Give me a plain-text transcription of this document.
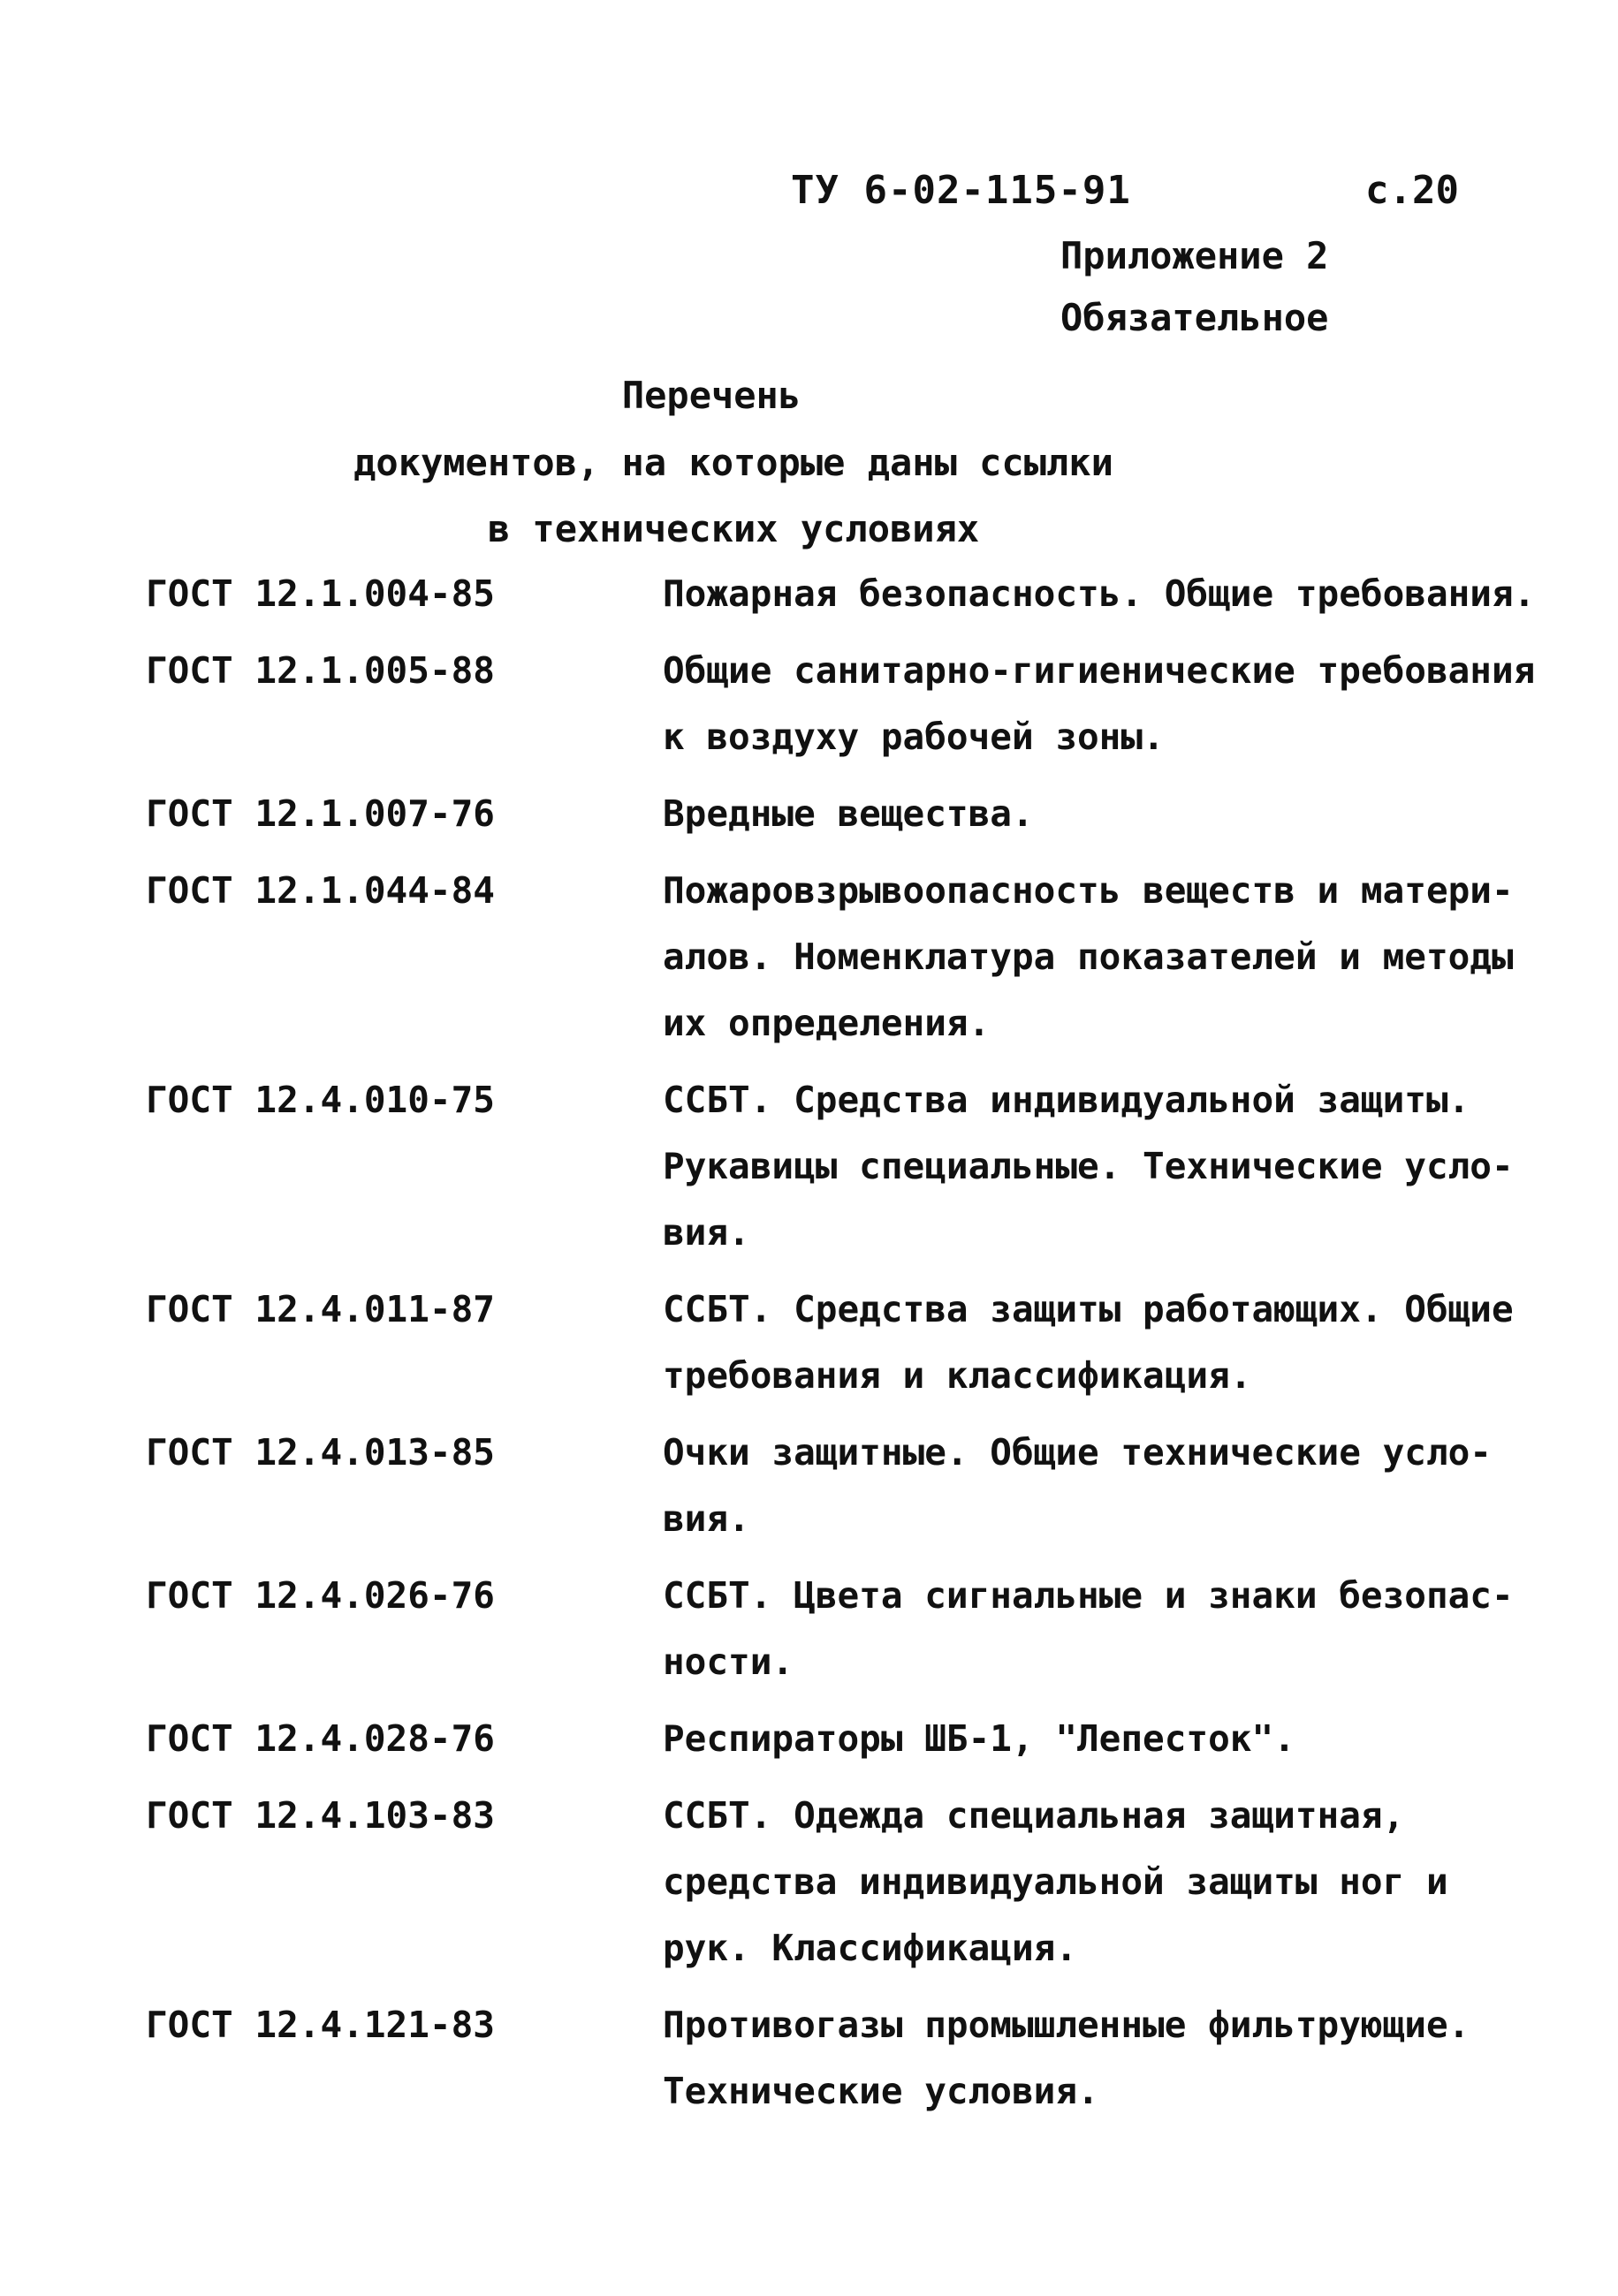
ТУ 6-02-115-91	с.20
Приложение 2
Обязательное
Перечень
документов, на которые даны ссылки
в технических условиях
ГОСТ 12.1.004-85	Пожарная безопасность. Общие требования.
ГОСТ 12.1.005-88	Общие санитарно-гигиенические требования
к воздуху рабочей зоны.
ГОСТ 12.1.007-76	Вредные вещества.
ГОСТ 12.1.044-84	Пожаровзрывоопасность веществ и матери-
алов. Номенклатура показателей и методы
их определения.
ГОСТ 12.4.010-75	ССБТ. Средства индивидуальной защиты.
Рукавицы специальные. Технические усло-
вия.
ГОСТ 12.4.011-87	ССБТ. Средства защиты работающих. Общие
требования и классификация.
ГОСТ 12.4.013-85	Очки защитные. Общие технические усло-
вия.
ГОСТ 12.4.026-76	ССБТ. Цвета сигнальные и знаки безопас-
ности.
ГОСТ 12.4.028-76	Респираторы ШБ-1, "Лепесток".
ГОСТ 12.4.103-83	ССБТ. Одежда специальная защитная,
средства индивидуальной защиты ног и
рук. Классификация.
ГОСТ 12.4.121-83	Противогазы промышленные фильтрующие.
Технические условия.
